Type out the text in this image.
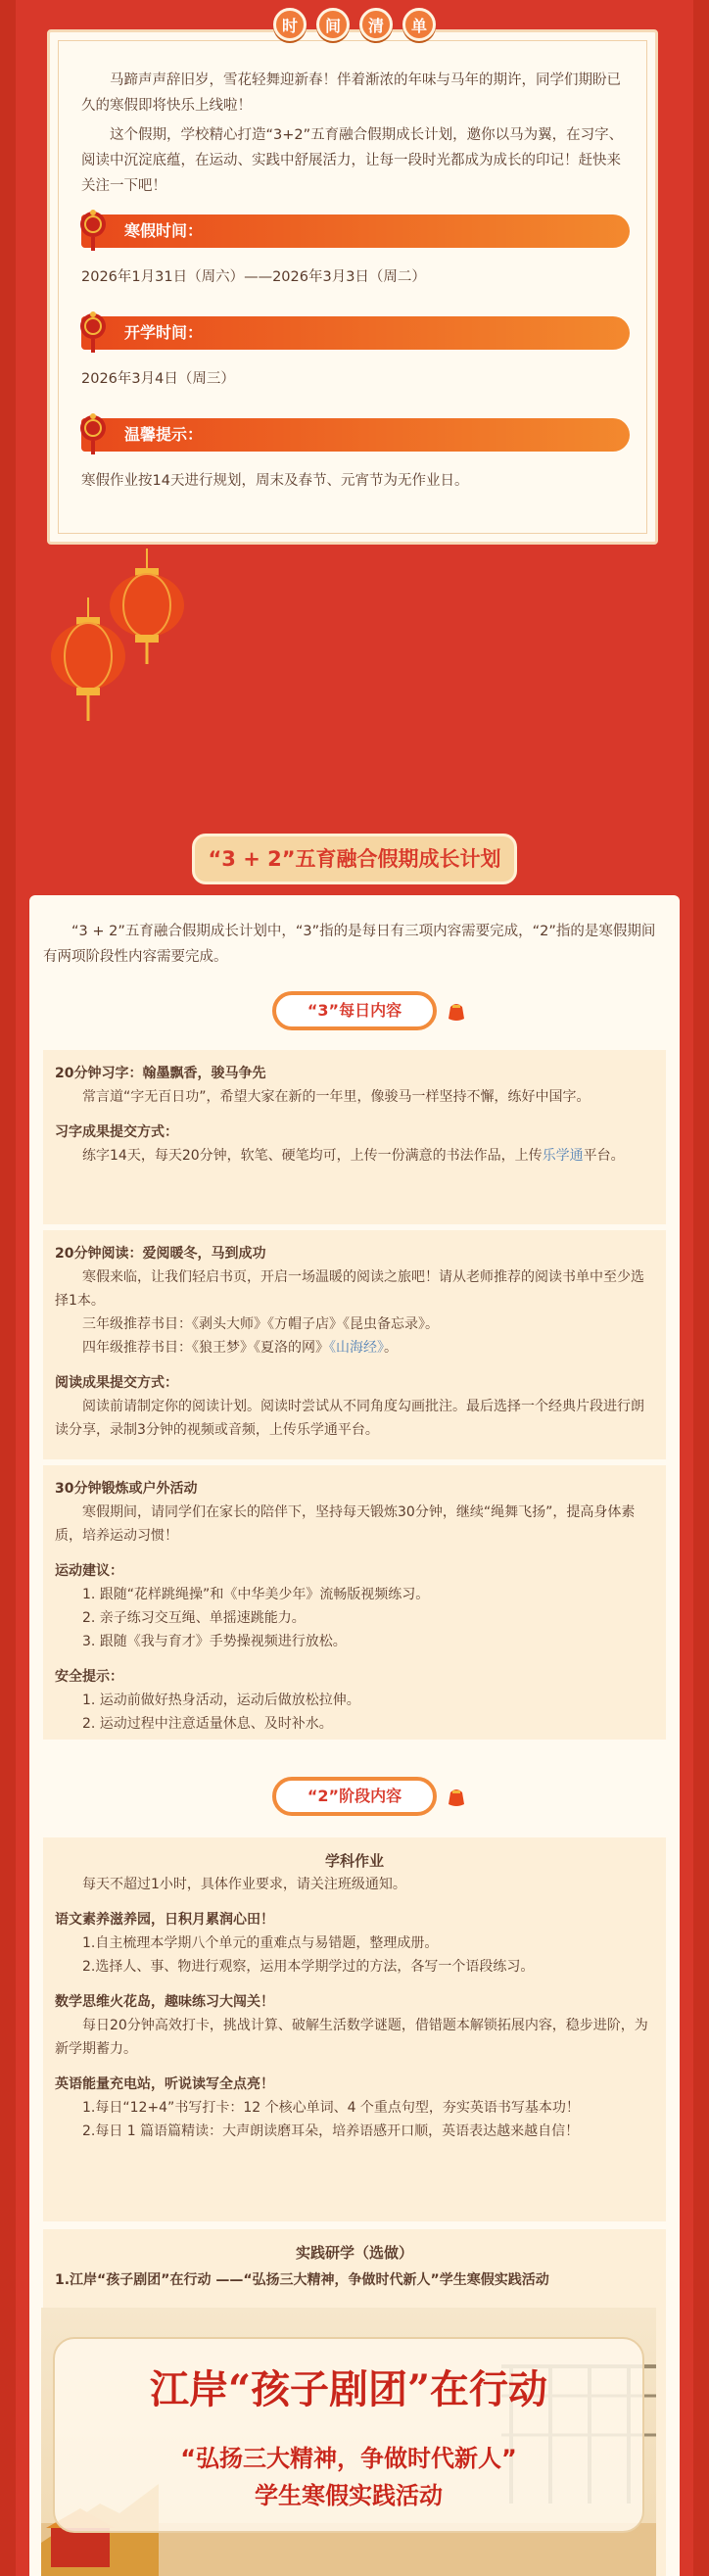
马蹄声声辞旧岁，雪花轻舞迎新春！伴着渐浓的年味与马年的期许，同学们期盼已久的寒假即将快乐上线啦！

这个假期，学校精心打造“3+2”五育融合假期成长计划，邀你以马为翼，在习字、阅读中沉淀底蕴，在运动、实践中舒展活力，让每一段时光都成为成长的印记！赶快来关注一下吧！

寒假时间：
2026年1月31日（周六）——2026年3月3日（周二）
开学时间：
2026年3月4日（周三）
温馨提示：
寒假作业按14天进行规划，周末及春节、元宵节为无作业日。
时	间	清	单
“3 + 2”五育融合假期成长计划

“3 + 2”五育融合假期成长计划中，“3”指的是每日有三项内容需要完成，“2”指的是寒假期间有两项阶段性内容需要完成。

“3”每日内容
20分钟习字：翰墨飘香，骏马争先
常言道“字无百日功”，希望大家在新的一年里，像骏马一样坚持不懈，练好中国字。
习字成果提交方式：
练字14天，每天20分钟，软笔、硬笔均可，上传一份满意的书法作品，上传乐学通平台。
20分钟阅读：爱阅暖冬，马到成功
寒假来临，让我们轻启书页，开启一场温暖的阅读之旅吧！请从老师推荐的阅读书单中至少选择1本。
三年级推荐书目：《剥头大师》《方帽子店》《昆虫备忘录》。
四年级推荐书目：《狼王梦》《夏洛的网》《山海经》。
阅读成果提交方式：
阅读前请制定你的阅读计划。阅读时尝试从不同角度勾画批注。最后选择一个经典片段进行朗读分享，录制3分钟的视频或音频，上传乐学通平台。
30分钟锻炼或户外活动
寒假期间，请同学们在家长的陪伴下，坚持每天锻炼30分钟，继续“绳舞飞扬”，提高身体素质，培养运动习惯！
运动建议：
1. 跟随“花样跳绳操”和《中华美少年》流畅版视频练习。
2. 亲子练习交互绳、单摇速跳能力。
3. 跟随《我与育才》手势操视频进行放松。
安全提示：
1. 运动前做好热身活动，运动后做放松拉伸。
2. 运动过程中注意适量休息、及时补水。
“2”阶段内容
学科作业
每天不超过1小时，具体作业要求，请关注班级通知。
语文素养滋养园，日积月累润心田！
1.自主梳理本学期八个单元的重难点与易错题，整理成册。
2.选择人、事、物进行观察，运用本学期学过的方法，各写一个语段练习。
数学思维火花岛，趣味练习大闯关！
每日20分钟高效打卡，挑战计算、破解生活数学谜题，借错题本解锁拓展内容，稳步进阶，为新学期蓄力。
英语能量充电站，听说读写全点亮！
1.每日“12+4”书写打卡：12 个核心单词、4 个重点句型，夯实英语书写基本功！
2.每日 1 篇语篇精读：大声朗读磨耳朵，培养语感开口顺，英语表达越来越自信！
实践研学（选做）
1.江岸“孩子剧团”在行动 ——“弘扬三大精神，争做时代新人”学生寒假实践活动
江岸“孩子剧团”在行动
“弘扬三大精神，争做时代新人”
学生寒假实践活动
